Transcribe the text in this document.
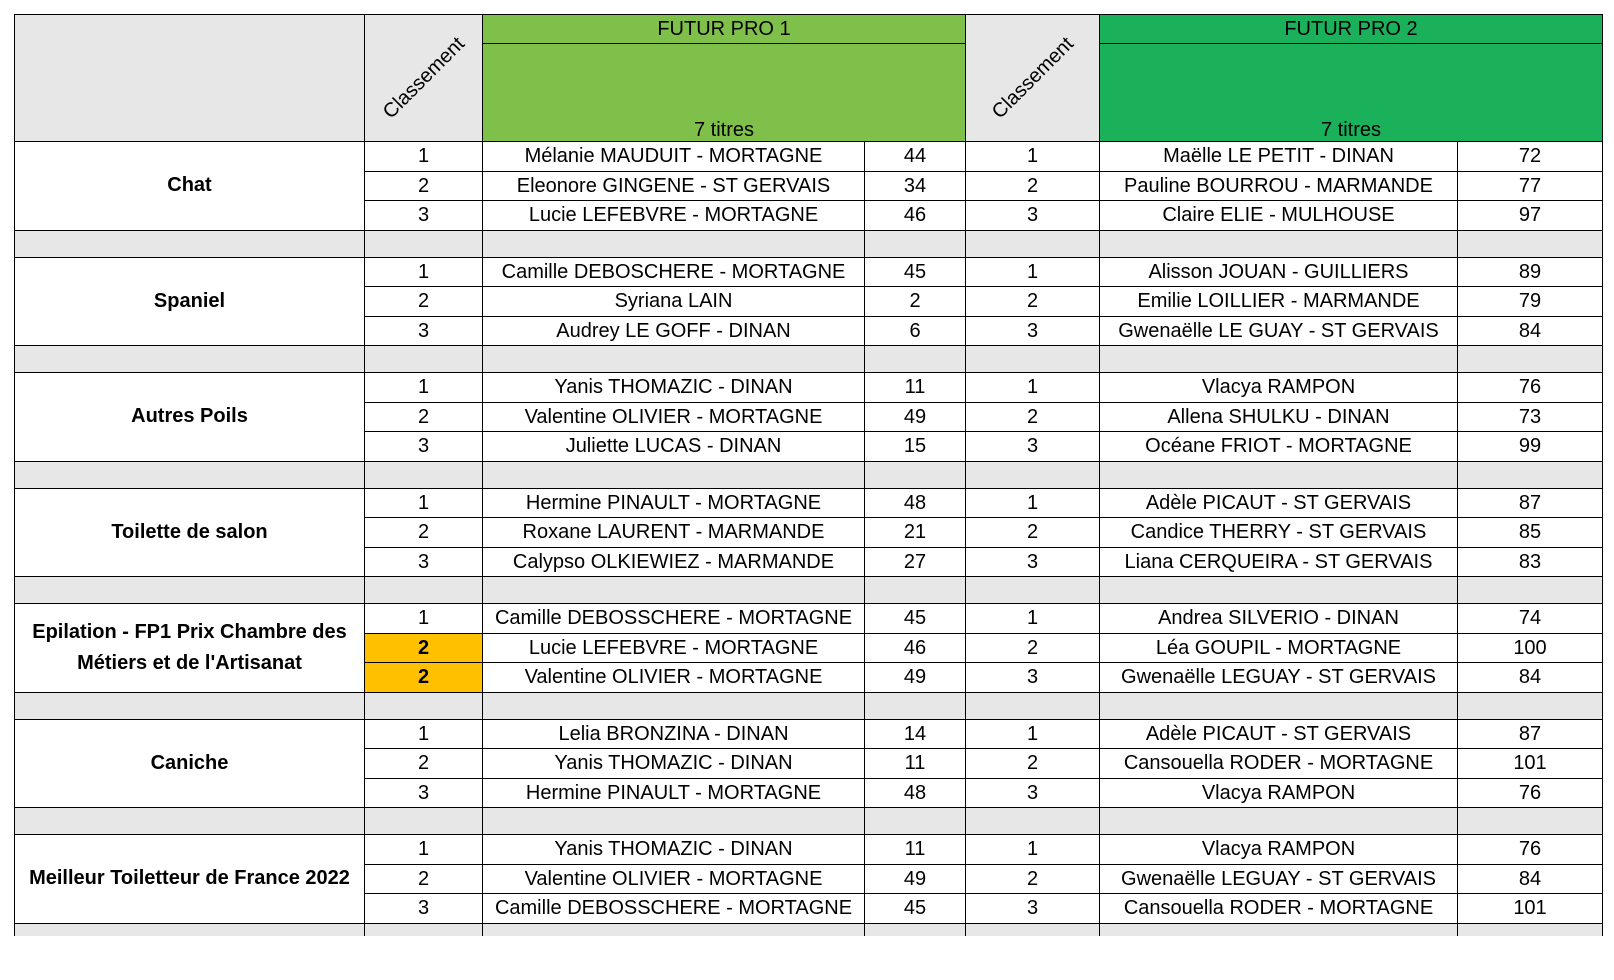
	Classement	FUTUR PRO 1		Classement	FUTUR PRO 2	
		7 titres			7 titres	
Chat	1	Mélanie MAUDUIT - MORTAGNE	44	1	Maëlle LE PETIT - DINAN	72
	2	Eleonore GINGENE - ST GERVAIS	34	2	Pauline BOURROU - MARMANDE	77
	3	Lucie LEFEBVRE - MORTAGNE	46	3	Claire ELIE - MULHOUSE	97

Spaniel	1	Camille DEBOSCHERE - MORTAGNE	45	1	Alisson JOUAN - GUILLIERS	89
	2	Syriana LAIN	2	2	Emilie LOILLIER - MARMANDE	79
	3	Audrey LE GOFF - DINAN	6	3	Gwenaëlle LE GUAY - ST GERVAIS	84

Autres Poils	1	Yanis THOMAZIC - DINAN	11	1	Vlacya RAMPON	76
	2	Valentine OLIVIER - MORTAGNE	49	2	Allena SHULKU - DINAN	73
	3	Juliette LUCAS - DINAN	15	3	Océane FRIOT - MORTAGNE	99

Toilette de salon	1	Hermine PINAULT - MORTAGNE	48	1	Adèle PICAUT - ST GERVAIS	87
	2	Roxane LAURENT - MARMANDE	21	2	Candice THERRY - ST GERVAIS	85
	3	Calypso OLKIEWIEZ - MARMANDE	27	3	Liana CERQUEIRA - ST GERVAIS	83

Epilation - FP1 Prix Chambre des Métiers et de l'Artisanat	1	Camille DEBOSSCHERE - MORTAGNE	45	1	Andrea SILVERIO - DINAN	74
	2	Lucie LEFEBVRE - MORTAGNE	46	2	Léa GOUPIL - MORTAGNE	100
	2	Valentine OLIVIER - MORTAGNE	49	3	Gwenaëlle LEGUAY - ST GERVAIS	84

Caniche	1	Lelia BRONZINA - DINAN	14	1	Adèle PICAUT - ST GERVAIS	87
	2	Yanis THOMAZIC - DINAN	11	2	Cansouella RODER - MORTAGNE	101
	3	Hermine PINAULT - MORTAGNE	48	3	Vlacya RAMPON	76

Meilleur Toiletteur de France 2022	1	Yanis THOMAZIC - DINAN	11	1	Vlacya RAMPON	76
	2	Valentine OLIVIER - MORTAGNE	49	2	Gwenaëlle LEGUAY - ST GERVAIS	84
	3	Camille DEBOSSCHERE - MORTAGNE	45	3	Cansouella RODER - MORTAGNE	101
